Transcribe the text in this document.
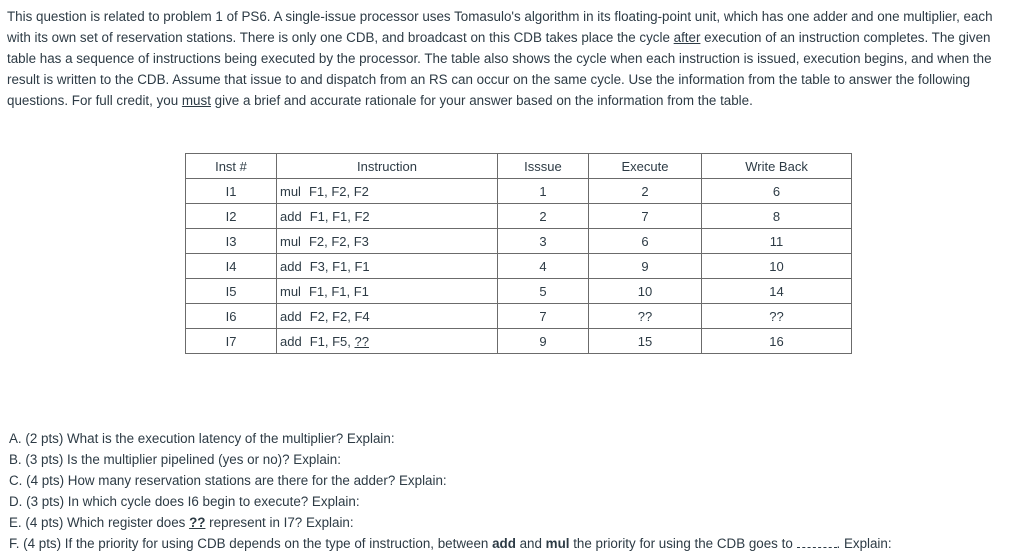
This question is related to problem 1 of PS6. A single-issue processor uses Tomasulo's algorithm in its floating-point unit, which has one adder and one multiplier, each with its own set of reservation stations. There is only one CDB, and broadcast on this CDB takes place the cycle after execution of an instruction completes. The given table has a sequence of instructions being executed by the processor. The table also shows the cycle when each instruction is issued, execution begins, and when the result is written to the CDB. Assume that issue to and dispatch from an RS can occur on the same cycle. Use the information from the table to answer the following questions. For full credit, you must give a brief and accurate rationale for your answer based on the information from the table.

Inst #	Instruction	Isssue	Execute	Write Back
I1	mul F1, F2, F2	1	2	6
I2	add F1, F1, F2	2	7	8
I3	mul F2, F2, F3	3	6	11
I4	add F3, F1, F1	4	9	10
I5	mul F1, F1, F1	5	10	14
I6	add F2, F2, F4	7	??	??
I7	add F1, F5, ??	9	15	16

A. (2 pts) What is the execution latency of the multiplier? Explain:

B. (3 pts) Is the multiplier pipelined (yes or no)? Explain:

C. (4 pts) How many reservation stations are there for the adder? Explain:

D. (3 pts) In which cycle does I6 begin to execute? Explain:

E. (4 pts) Which register does ?? represent in I7? Explain:

F. (4 pts) If the priority for using CDB depends on the type of instruction, between add and mul the priority for using the CDB goes to	. Explain:
